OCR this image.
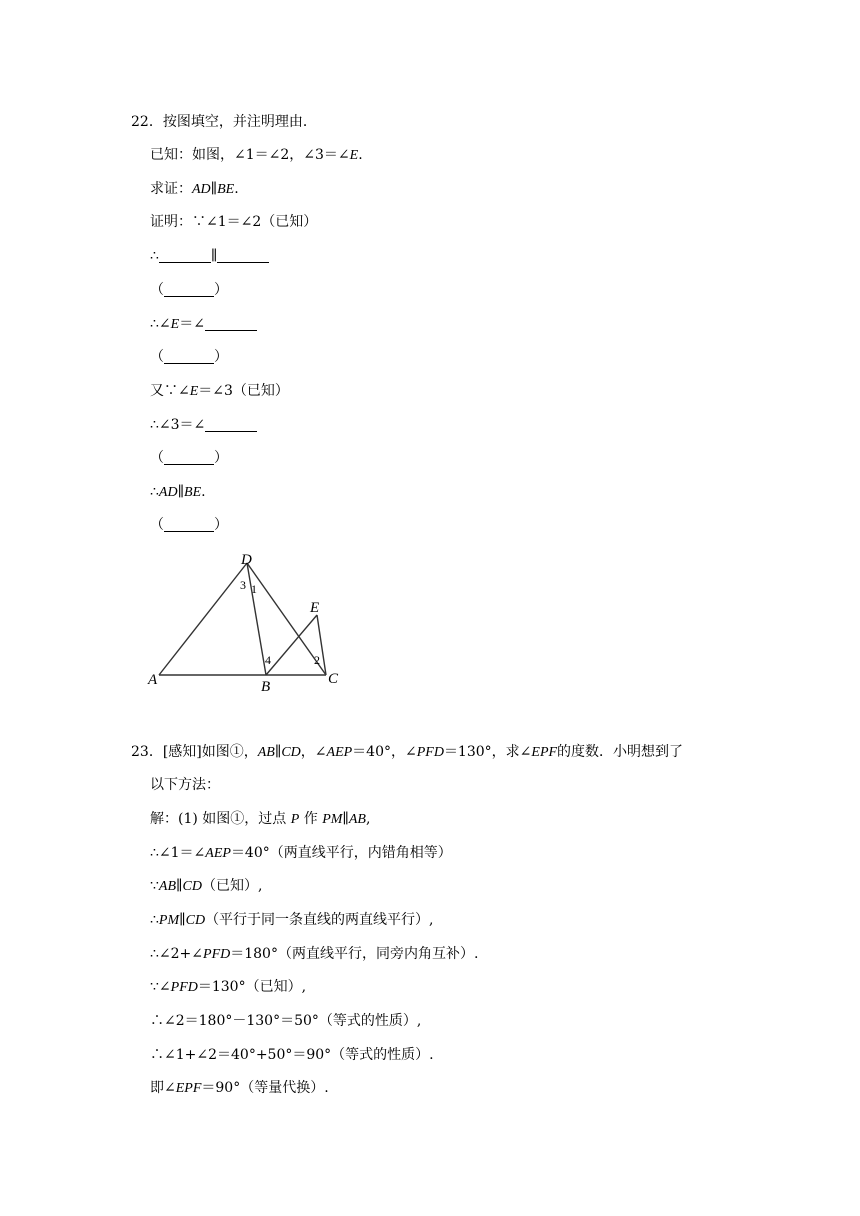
22．按图填空，并注明理由．
已知：如图，∠1＝∠2，∠3＝∠E.
求证：AD∥BE.
证明：∵∠1＝∠2（已知）
∴	∥
（	）
∴∠E＝∠
（	）
又∵∠E＝∠3（已知）
∴∠3＝∠
（	）
∴AD∥BE.
（	）
D
E
A	B	C
3 1
4	2
23．[感知]如图①，AB∥CD，∠AEP＝40°，∠PFD＝130°，求∠EPF的度数．小明想到了
以下方法：
解：(1) 如图①，过点 P 作 PM∥AB,
∴∠1＝∠AEP＝40°（两直线平行，内错角相等）
∵AB∥CD（已知）,
∴PM∥CD（平行于同一条直线的两直线平行）,
∴∠2+∠PFD＝180°（两直线平行，同旁内角互补）.
∵∠PFD＝130°（已知）,
∴∠2＝180°－130°＝50°（等式的性质）,
∴∠1+∠2＝40°+50°＝90°（等式的性质）.
即∠EPF＝90°（等量代换）.
